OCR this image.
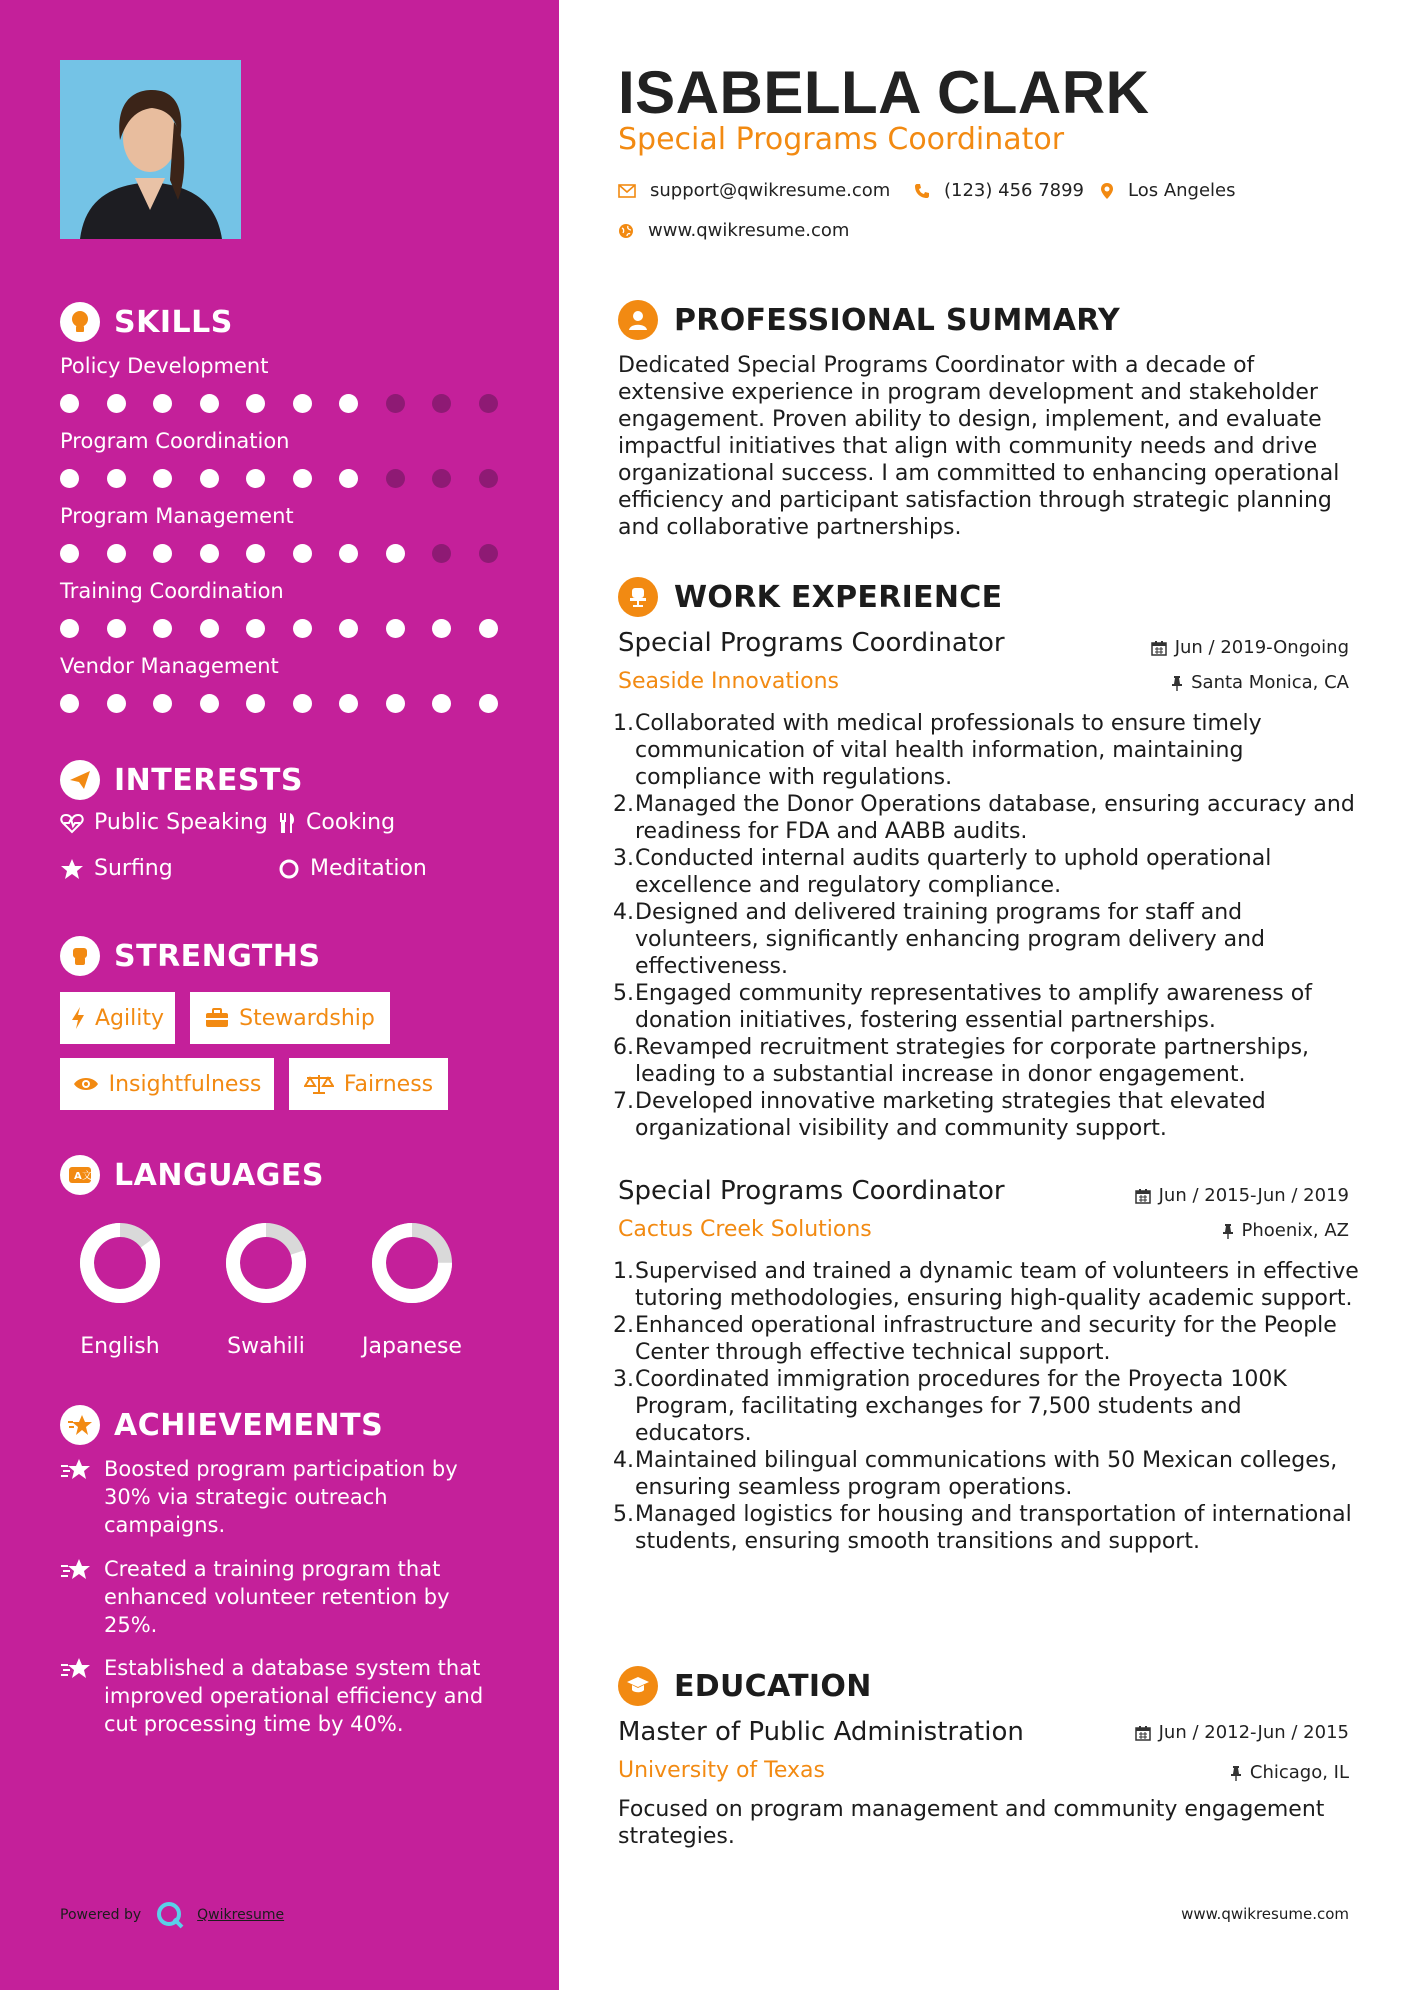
SKILLS
INTERESTS
Public Speaking Cooking
Surfing	Meditation
STRENGTHS
Agility	Stewardship
Insightfulness	Fairness
A 文 LANGUAGES
ACHIEVEMENTS
Powered by	Qwikresume
Policy Development
Program Coordination
Program Management
Training Coordination
Vendor Management
English	Swahili	Japanese
Boosted program participation by 30% via strategic outreach campaigns.
Created a training program that enhanced volunteer retention by 25%.
Established a database system that improved operational efficiency and cut processing time by 40%.
ISABELLA CLARK
Special Programs Coordinator
support@qwikresume.com	(123) 456 7899 Los Angeles
www.qwikresume.com
PROFESSIONAL SUMMARY
Dedicated Special Programs Coordinator with a decade of extensive experience in program development and stakeholder engagement. Proven ability to design, implement, and evaluate impactful initiatives that align with community needs and drive organizational success. I am committed to enhancing operational efficiency and participant satisfaction through strategic planning and collaborative partnerships.
WORK EXPERIENCE
Special Programs Coordinator
Seaside Innovations
Jun / 2019-Ongoing
Santa Monica, CA
Collaborated with medical professionals to ensure timely communication of vital health information, maintaining compliance with regulations.
Managed the Donor Operations database, ensuring accuracy and readiness for FDA and AABB audits.
Conducted internal audits quarterly to uphold operational excellence and regulatory compliance.
Designed and delivered training programs for staff and volunteers, significantly enhancing program delivery and effectiveness.
Engaged community representatives to amplify awareness of donation initiatives, fostering essential partnerships.
Revamped recruitment strategies for corporate partnerships, leading to a substantial increase in donor engagement.
Developed innovative marketing strategies that elevated organizational visibility and community support.
Special Programs Coordinator
Cactus Creek Solutions
Jun / 2015-Jun / 2019
Phoenix, AZ
Supervised and trained a dynamic team of volunteers in effective tutoring methodologies, ensuring high-quality academic support.
Enhanced operational infrastructure and security for the People Center through effective technical support.
Coordinated immigration procedures for the Proyecta 100K Program, facilitating exchanges for 7,500 students and educators.
Maintained bilingual communications with 50 Mexican colleges, ensuring seamless program operations.
Managed logistics for housing and transportation of international students, ensuring smooth transitions and support.
EDUCATION
Master of Public Administration
University of Texas
Jun / 2012-Jun / 2015
Chicago, IL
Focused on program management and community engagement strategies.
www.qwikresume.com
